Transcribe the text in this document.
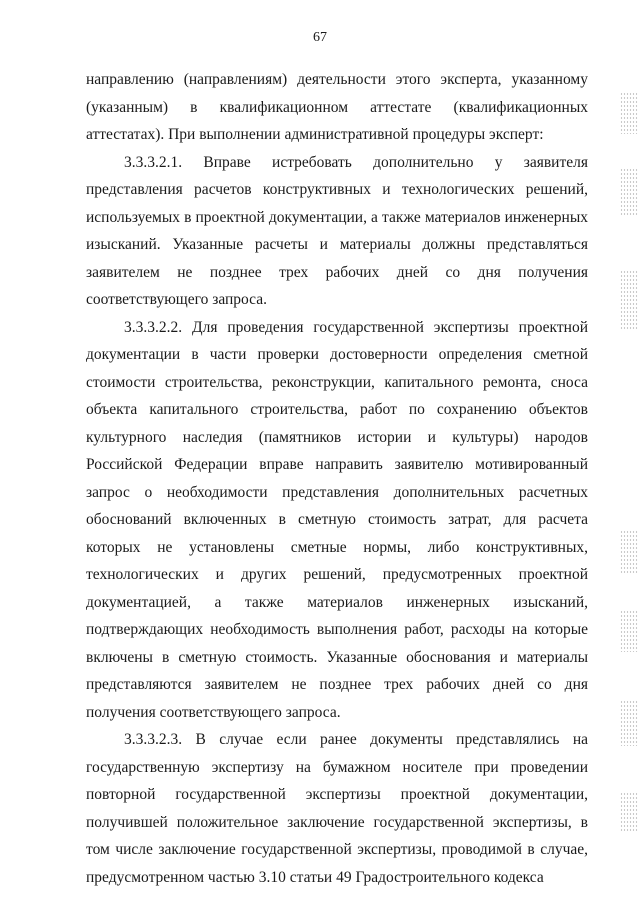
67

направлению (направлениям) деятельности этого эксперта, указанному (указанным) в квалификационном аттестате (квалификационных аттестатах). При выполнении административной процедуры эксперт:

3.3.3.2.1. Вправе истребовать дополнительно у заявителя представления расчетов конструктивных и технологических решений, используемых в проектной документации, а также материалов инженерных изысканий. Указанные расчеты и материалы должны представляться заявителем не позднее трех рабочих дней со дня получения соответствующего запроса.

3.3.3.2.2. Для проведения государственной экспертизы проектной документации в части проверки достоверности определения сметной стоимости строительства, реконструкции, капитального ремонта, сноса объекта капитального строительства, работ по сохранению объектов культурного наследия (памятников истории и культуры) народов Российской Федерации вправе направить заявителю мотивированный запрос о необходимости представления дополнительных расчетных обоснований включенных в сметную стоимость затрат, для расчета которых не установлены сметные нормы, либо конструктивных, технологических и других решений, предусмотренных проектной документацией, а также материалов инженерных изысканий, подтверждающих необходимость выполнения работ, расходы на которые включены в сметную стоимость. Указанные обоснования и материалы представляются заявителем не позднее трех рабочих дней со дня получения соответствующего запроса.

3.3.3.2.3. В случае если ранее документы представлялись на государственную экспертизу на бумажном носителе при проведении повторной государственной экспертизы проектной документации, получившей положительное заключение государственной экспертизы, в том числе заключение государственной экспертизы, проводимой в случае, предусмотренном частью 3.10 статьи 49 Градостроительного кодекса
